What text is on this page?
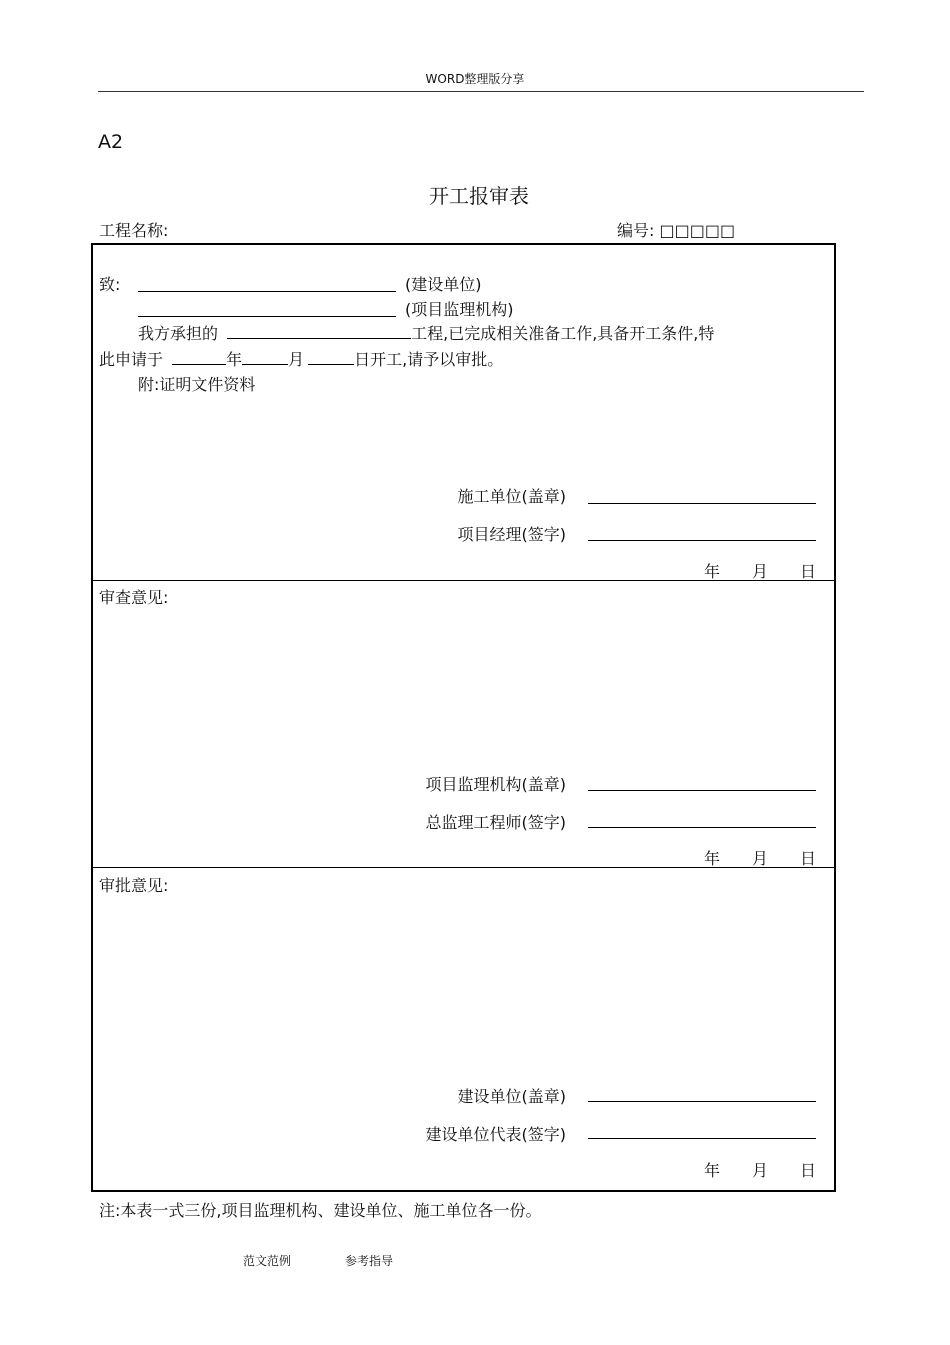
WORD整理版分享
A2
开工报审表
工程名称:	编号: □□□□□
致:	(建设单位)
(项目监理机构)
我方承担的	工程,已完成相关准备工作,具备开工条件,特
此申请于	年	月	日开工,请予以审批。
附:证明文件资料
施工单位(盖章)
项目经理(签字)
年 月 日
审查意见:
项目监理机构(盖章)
总监理工程师(签字)
年 月 日
审批意见:
建设单位(盖章)
建设单位代表(签字)
年 月 日
注:本表一式三份,项目监理机构、建设单位、施工单位各一份。
范文范例	参考指导
